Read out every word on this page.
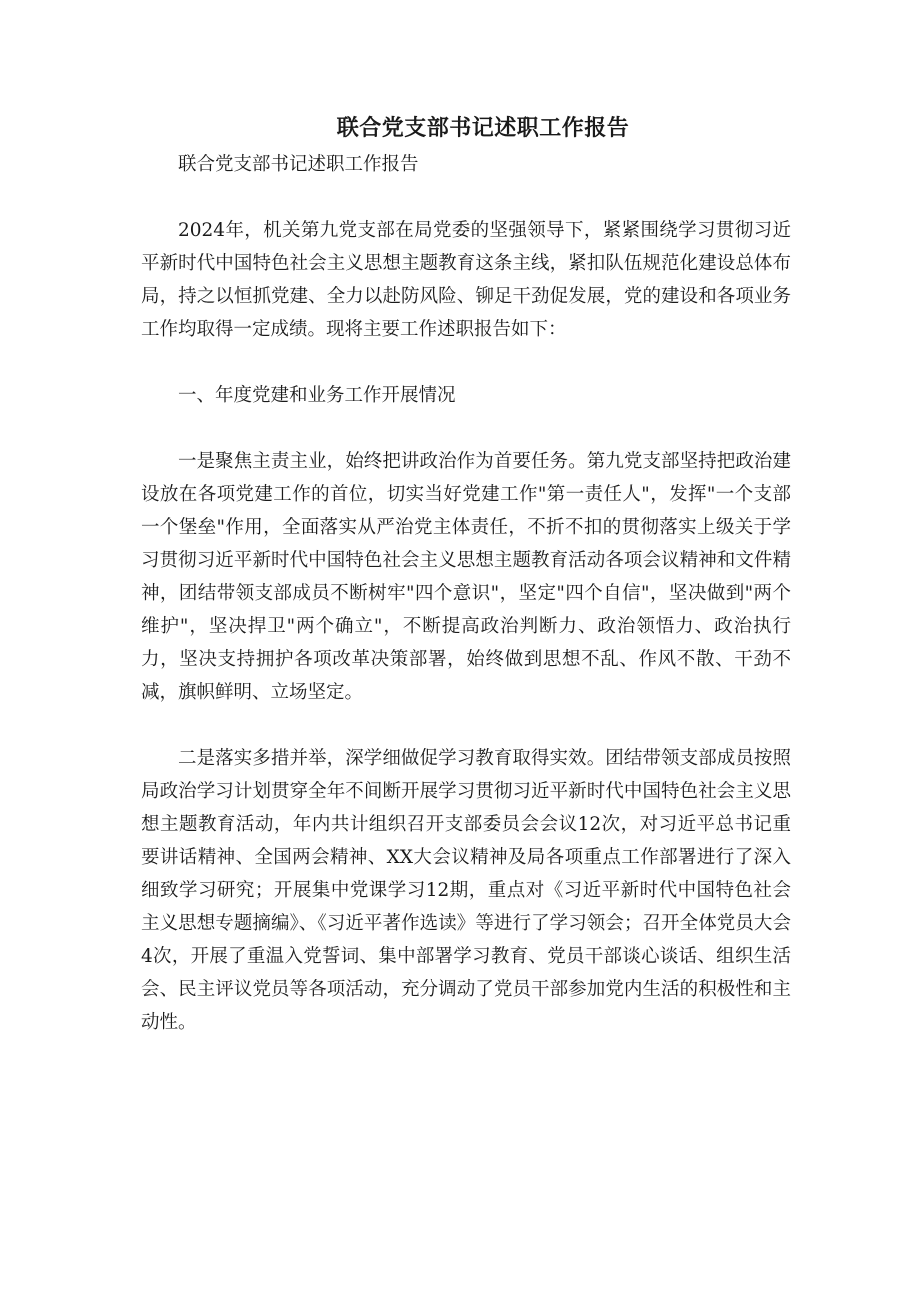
联合党支部书记述职工作报告

联合党支部书记述职工作报告

2024年，机关第九党支部在局党委的坚强领导下，紧紧围绕学习贯彻习近平新时代中国特色社会主义思想主题教育这条主线，紧扣队伍规范化建设总体布局，持之以恒抓党建、全力以赴防风险、铆足干劲促发展，党的建设和各项业务工作均取得一定成绩。现将主要工作述职报告如下：

一、年度党建和业务工作开展情况

一是聚焦主责主业，始终把讲政治作为首要任务。第九党支部坚持把政治建设放在各项党建工作的首位，切实当好党建工作"第一责任人"，发挥"一个支部一个堡垒"作用，全面落实从严治党主体责任，不折不扣的贯彻落实上级关于学习贯彻习近平新时代中国特色社会主义思想主题教育活动各项会议精神和文件精神，团结带领支部成员不断树牢"四个意识"，坚定"四个自信"，坚决做到"两个维护"，坚决捍卫"两个确立"，不断提高政治判断力、政治领悟力、政治执行力，坚决支持拥护各项改革决策部署，始终做到思想不乱、作风不散、干劲不减，旗帜鲜明、立场坚定。

二是落实多措并举，深学细做促学习教育取得实效。团结带领支部成员按照局政治学习计划贯穿全年不间断开展学习贯彻习近平新时代中国特色社会主义思想主题教育活动，年内共计组织召开支部委员会会议12次，对习近平总书记重要讲话精神、全国两会精神、XX大会议精神及局各项重点工作部署进行了深入细致学习研究；开展集中党课学习12期，重点对《习近平新时代中国特色社会主义思想专题摘编》、《习近平著作选读》等进行了学习领会；召开全体党员大会4次，开展了重温入党誓词、集中部署学习教育、党员干部谈心谈话、组织生活会、民主评议党员等各项活动，充分调动了党员干部参加党内生活的积极性和主动性。
